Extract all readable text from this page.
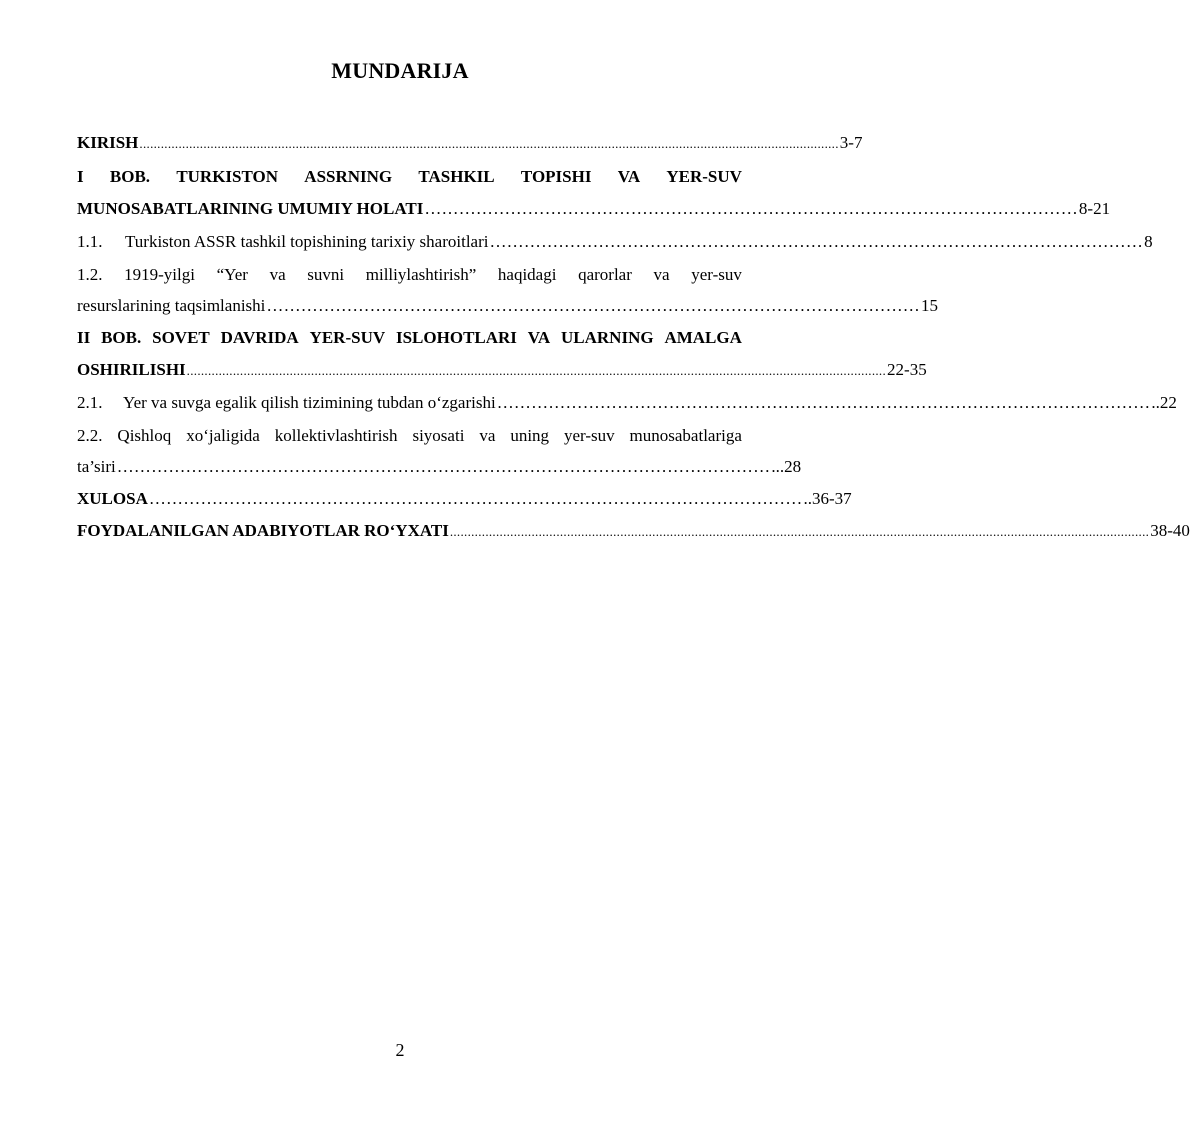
MUNDARIJA
KIRISH ..................................................................................................................................................................................................... 3-7
I BOB. TURKISTON ASSRNING TASHKIL TOPISHI VA YER-SUV
MUNOSABATLARINING UMUMIY HOLATI …………………………………………………………………………………………………… 8-21
1.1.	Turkiston ASSR tashkil topishining tarixiy sharoitlari …………………………………………………………………………………………………… 8
1.2. 1919-yilgi “Yer va suvni milliylashtirish” haqidagi qarorlar va yer-suv
resurslarining taqsimlanishi …………………………………………………………………………………………………… 15
II BOB. SOVET DAVRIDA YER-SUV ISLOHOTLARI VA ULARNING AMALGA
OSHIRILISHI ..................................................................................................................................................................................................... 22-35
2.1.	Yer va suvga egalik qilish tizimining tubdan o‘zgarishi …………………………………………………………………………………………………… ..22
2.2. Qishloq xo‘jaligida kollektivlashtirish siyosati va uning yer-suv munosabatlariga
ta’siri …………………………………………………………………………………………………… ...28
XULOSA …………………………………………………………………………………………………… ..36-37
FOYDALANILGAN ADABIYOTLAR RO‘YXATI ..................................................................................................................................................................................................... 38-40
2
